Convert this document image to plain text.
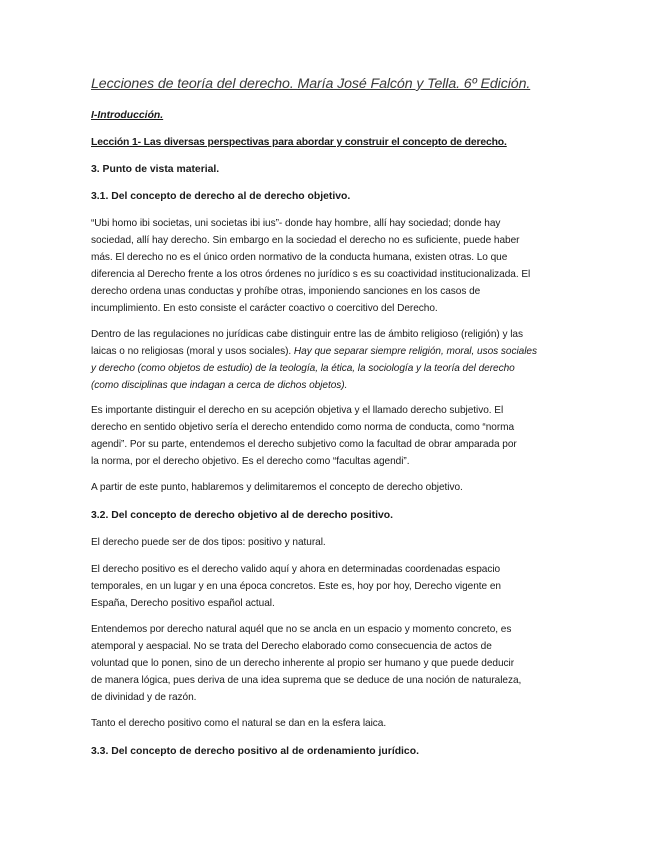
Lecciones de teoría del derecho. María José Falcón y Tella. 6º Edición.
I-Introducción.
Lección 1- Las diversas perspectivas para abordar y construir el concepto de derecho.
3. Punto de vista material.
3.1. Del concepto de derecho al de derecho objetivo.
“Ubi homo ibi societas, uni societas ibi ius”- donde hay hombre, allí hay sociedad; donde hay
sociedad, allí hay derecho. Sin embargo en la sociedad el derecho no es suficiente, puede haber
más. El derecho no es el único orden normativo de la conducta humana, existen otras. Lo que
diferencia al Derecho frente a los otros órdenes no jurídico s es su coactividad institucionalizada. El
derecho ordena unas conductas y prohíbe otras, imponiendo sanciones en los casos de
incumplimiento. En esto consiste el carácter coactivo o coercitivo del Derecho.
Dentro de las regulaciones no jurídicas cabe distinguir entre las de ámbito religioso (religión) y las
laicas o no religiosas (moral y usos sociales). Hay que separar siempre religión, moral, usos sociales
y derecho (como objetos de estudio) de la teología, la ética, la sociología y la teoría del derecho
(como disciplinas que indagan a cerca de dichos objetos).
Es importante distinguir el derecho en su acepción objetiva y el llamado derecho subjetivo. El
derecho en sentido objetivo sería el derecho entendido como norma de conducta, como “norma
agendi”. Por su parte, entendemos el derecho subjetivo como la facultad de obrar amparada por
la norma, por el derecho objetivo. Es el derecho como “facultas agendi”.
A partir de este punto, hablaremos y delimitaremos el concepto de derecho objetivo.
3.2. Del concepto de derecho objetivo al de derecho positivo.
El derecho puede ser de dos tipos: positivo y natural.
El derecho positivo es el derecho valido aquí y ahora en determinadas coordenadas espacio
temporales, en un lugar y en una época concretos. Este es, hoy por hoy, Derecho vigente en
España, Derecho positivo español actual.
Entendemos por derecho natural aquél que no se ancla en un espacio y momento concreto, es
atemporal y aespacial. No se trata del Derecho elaborado como consecuencia de actos de
voluntad que lo ponen, sino de un derecho inherente al propio ser humano y que puede deducir
de manera lógica, pues deriva de una idea suprema que se deduce de una noción de naturaleza,
de divinidad y de razón.
Tanto el derecho positivo como el natural se dan en la esfera laica.
3.3. Del concepto de derecho positivo al de ordenamiento jurídico.
